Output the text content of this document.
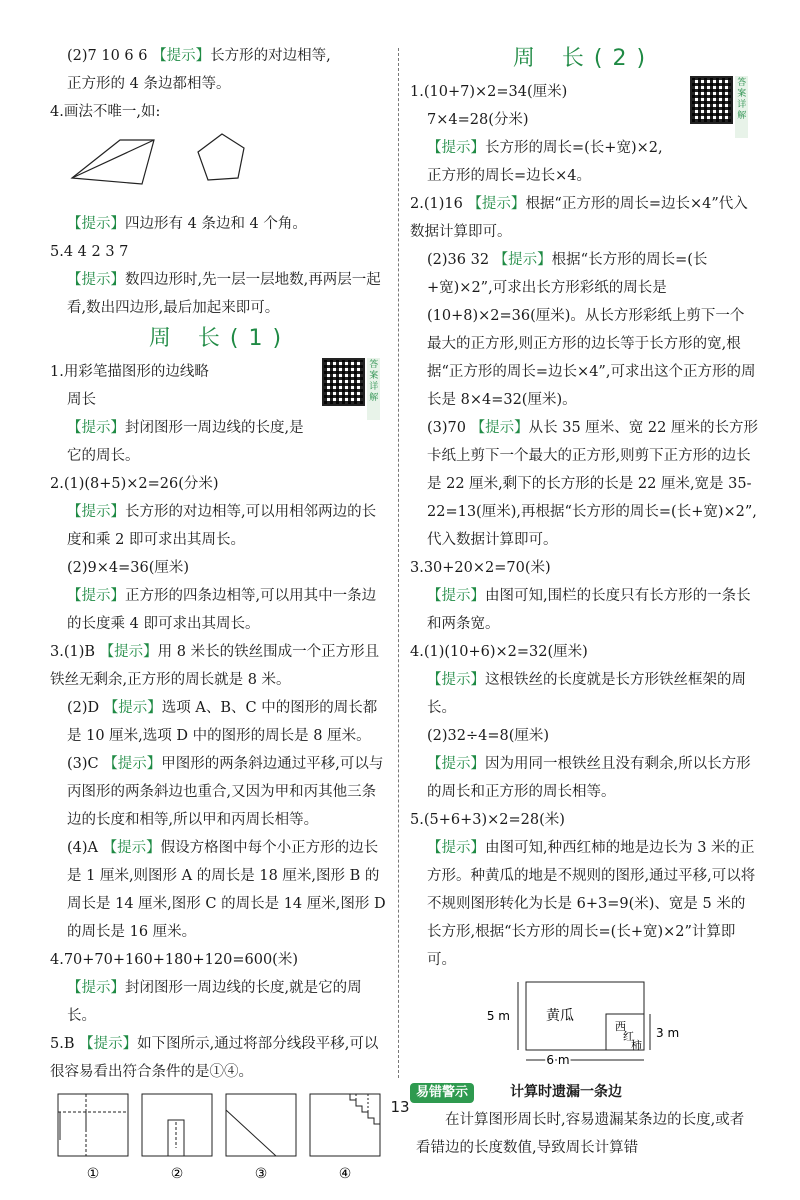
(2)7 10 6 6 【提示】长方形的对边相等,

正方形的 4 条边都相等。

4.画法不唯一,如:

【提示】四边形有 4 条边和 4 个角。

5.4 4 2 3 7

【提示】数四边形时,先一层一层地数,再两层一起看,数出四边形,最后加起来即可。

周 长(1)

1.用彩笔描图形的边线略

周长

【提示】封闭图形一周边线的长度,是它的周长。

答
案
详
解

2.(1)(8+5)×2=26(分米)

【提示】长方形的对边相等,可以用相邻两边的长度和乘 2 即可求出其周长。

(2)9×4=36(厘米)

【提示】正方形的四条边相等,可以用其中一条边的长度乘 4 即可求出其周长。

3.(1)B 【提示】用 8 米长的铁丝围成一个正方形且铁丝无剩余,正方形的周长就是 8 米。

(2)D 【提示】选项 A、B、C 中的图形的周长都是 10 厘米,选项 D 中的图形的周长是 8 厘米。

(3)C 【提示】甲图形的两条斜边通过平移,可以与丙图形的两条斜边也重合,又因为甲和丙其他三条边的长度和相等,所以甲和丙周长相等。

(4)A 【提示】假设方格图中每个小正方形的边长是 1 厘米,则图形 A 的周长是 18 厘米,图形 B 的周长是 14 厘米,图形 C 的周长是 14 厘米,图形 D 的周长是 16 厘米。

4.70+70+160+180+120=600(米)

【提示】封闭图形一周边线的长度,就是它的周长。

5.B 【提示】如下图所示,通过将部分线段平移,可以很容易看出符合条件的是①④。

①	②	③	④
周 长(2)

1.(10+7)×2=34(厘米)

7×4=28(分米)

【提示】长方形的周长=(长+宽)×2,正方形的周长=边长×4。

答
案
详
解

2.(1)16 【提示】根据“正方形的周长=边长×4”代入数据计算即可。

(2)36 32 【提示】根据“长方形的周长=(长+宽)×2”,可求出长方形彩纸的周长是(10+8)×2=36(厘米)。从长方形彩纸上剪下一个最大的正方形,则正方形的边长等于长方形的宽,根据“正方形的周长=边长×4”,可求出这个正方形的周长是 8×4=32(厘米)。

(3)70 【提示】从长 35 厘米、宽 22 厘米的长方形卡纸上剪下一个最大的正方形,则剪下正方形的边长是 22 厘米,剩下的长方形的长是 22 厘米,宽是 35-22=13(厘米),再根据“长方形的周长=(长+宽)×2”,代入数据计算即可。

3.30+20×2=70(米)

【提示】由图可知,围栏的长度只有长方形的一条长和两条宽。

4.(1)(10+6)×2=32(厘米)

【提示】这根铁丝的长度就是长方形铁丝框架的周长。

(2)32÷4=8(厘米)

【提示】因为用同一根铁丝且没有剩余,所以长方形的周长和正方形的周长相等。

5.(5+6+3)×2=28(米)

【提示】由图可知,种西红柿的地是边长为 3 米的正方形。种黄瓜的地是不规则的图形,通过平移,可以将不规则图形转化为长是 6+3=9(米)、宽是 5 米的长方形,根据“长方形的周长=(长+宽)×2”计算即可。

5 m	黄瓜
西
红
柿
3 m
6 m
易错警示	计算时遗漏一条边

在计算图形周长时,容易遗漏某条边的长度,或者看错边的长度数值,导致周长计算错

13
